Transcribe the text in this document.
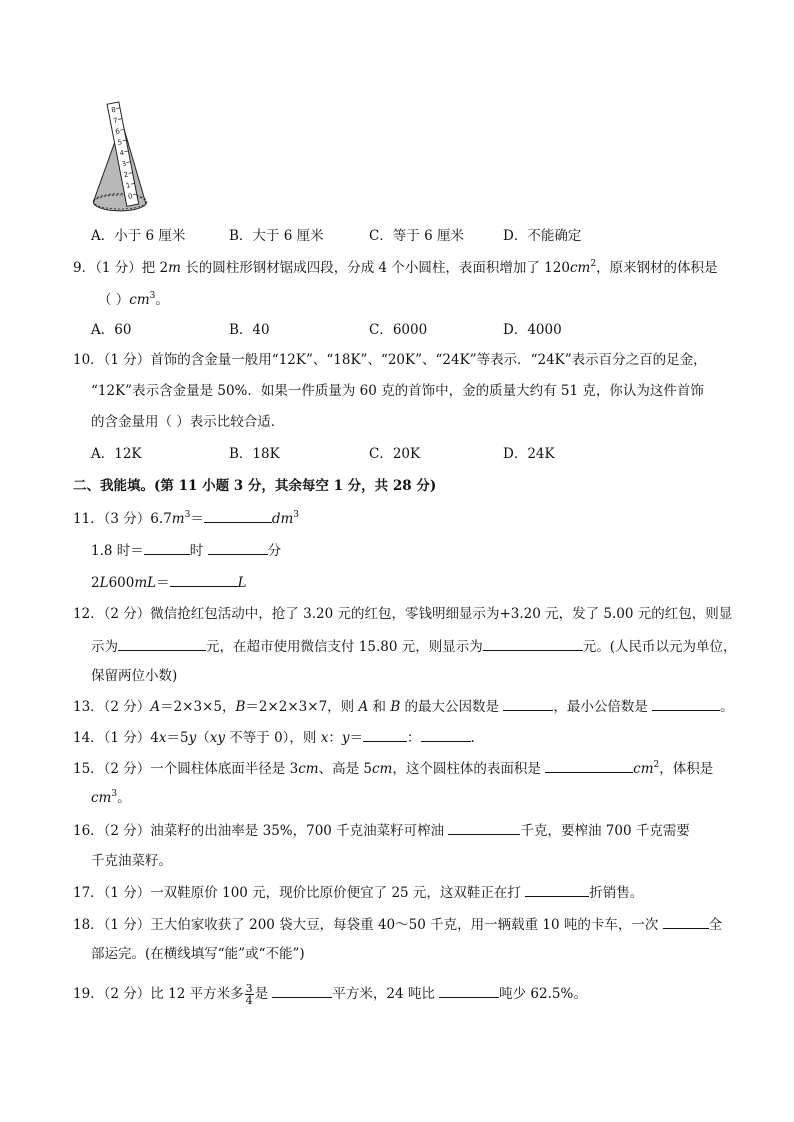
8
7
6
5
4
3
2
1
0
A．小于 6 厘米	B．大于 6 厘米	C．等于 6 厘米	D．不能确定
9．（1 分）把 2m 长的圆柱形钢材锯成四段，分成 4 个小圆柱，表面积增加了 $120cm^2$，原来钢材的体积是
（ ）$cm^3$。
A．60	B．40	C．6000	D．4000
10．（1 分）首饰的含金量一般用“12K”、“18K”、“20K”、“24K”等表示．“24K”表示百分之百的足金，
“12K”表示含金量是 50%．如果一件质量为 60 克的首饰中，金的质量大约有 51 克，你认为这件首饰
的含金量用（ ）表示比较合适．
A．12K	B．18K	C．20K	D．24K
二、我能填。(第 11 小题 3 分，其余每空 1 分，共 28 分)
11．（3 分）$6.7m^3=$	$dm^3$
1.8 时＝	时	分
2L600mL＝	L
12．（2 分）微信抢红包活动中，抢了 3.20 元的红包，零钱明细显示为+3.20 元，发了 5.00 元的红包，则显
示为	元，在超市使用微信支付 15.80 元，则显示为	元。(人民币以元为单位，
保留两位小数)
13．（2 分）A＝2×3×5，B＝2×2×3×7，则 A 和 B 的最大公因数是	，最小公倍数是	。
14．（1 分）4x＝5y（xy 不等于 0），则 x：y＝	：	.
15．（2 分）一个圆柱体底面半径是 3cm、高是 5cm，这个圆柱体的表面积是	$cm^2$，体积是
$cm^3$。
16．（2 分）油菜籽的出油率是 35%，700 千克油菜籽可榨油	千克，要榨油 700 千克需要
千克油菜籽。
17．（1 分）一双鞋原价 100 元，现价比原价便宜了 25 元，这双鞋正在打	折销售。
18．（1 分）王大伯家收获了 200 袋大豆，每袋重 40～50 千克，用一辆载重 10 吨的卡车，一次	全
部运完。(在横线填写“能”或“不能”)
19．（2 分）比 12 平方米多 $\frac{3}{4}$ 是	平方米，24 吨比	吨少 62.5%。
